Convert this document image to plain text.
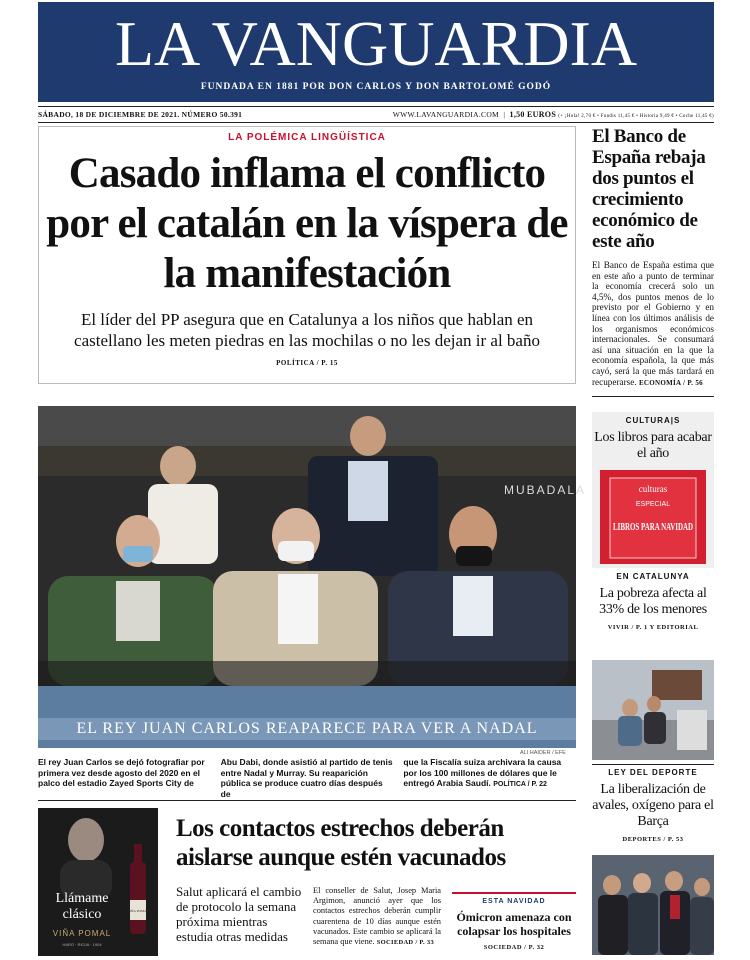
LA VANGUARDIA
FUNDADA EN 1881 POR DON CARLOS Y DON BARTOLOMÉ GODÓ
SÁBADO, 18 DE DICIEMBRE DE 2021. NÚMERO 50.391	WWW.LAVANGUARDIA.COM  |  1,50 EUROS (+ ¡Hola! 2,70 € • Fundis 11,45 € • Historia 9,49 € • Coche 11,45 €)
LA POLÉMICA LINGÜÍSTICA
Casado inflama el conflicto por el catalán en la víspera de la manifestación
El líder del PP asegura que en Catalunya a los niños que hablan en castellano les meten piedras en las mochilas o no les dejan ir al baño
POLÍTICA / P. 15
El Banco de España rebaja dos puntos el crecimiento económico de este año
El Banco de España estima que en este año a punto de terminar la economía crecerá solo un 4,5%, dos puntos menos de lo previsto por el Gobierno y en línea con los últimos análisis de los organismos económicos internacionales. Se consumará así una situación en la que la economía española, la que más cayó, será la que más tardará en recuperarse. ECONOMÍA / P. 56
MUBADALA
EL REY JUAN CARLOS REAPARECE PARA VER A NADAL
ALI HAIDER / EFE
El rey Juan Carlos se dejó fotografiar por primera vez desde agosto del 2020 en el palco del estadio Zayed Sports City de
Abu Dabi, donde asistió al partido de tenis entre Nadal y Murray. Su reaparición pública se produce cuatro días después de
que la Fiscalía suiza archivara la causa por los 100 millones de dólares que le entregó Arabia Saudí. POLÍTICA / P. 22
CULTURA|S
Los libros para acabar el año
culturas
ESPECIAL
LIBROS PARA NAVIDAD
EN CATALUNYA
La pobreza afecta al 33% de los menores
VIVIR / P. 1 Y EDITORIAL
LEY DEL DEPORTE
La liberalización de avales, oxígeno para el Barça
DEPORTES / P. 53
VIÑA POMAL
Llámame
clásico
VIÑA POMAL
HARO · RIOJA · 1904
Los contactos estrechos deberán aislarse aunque estén vacunados
Salut aplicará el cambio de protocolo la semana próxima mientras estudia otras medidas
El conseller de Salut, Josep Maria Argimon, anunció ayer que los contactos estrechos deberán cumplir cuarentena de 10 días aunque estén vacunados. Este cambio se aplicará la semana que viene. SOCIEDAD / P. 33
ESTA NAVIDAD
Ómicron amenaza con colapsar los hospitales
SOCIEDAD / P. 32
